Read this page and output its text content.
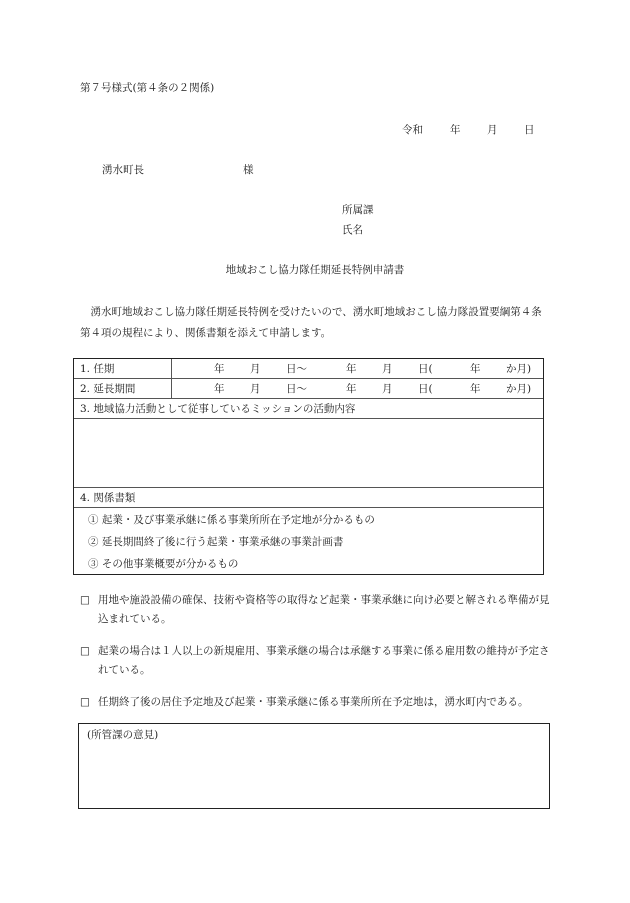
第７号様式(第４条の２関係)
令和	年	月	日
湧水町長	様
所属課
氏名
地域おこし協力隊任期延長特例申請書
湧水町地域おこし協力隊任期延長特例を受けたいので、湧水町地域おこし協力隊設置要綱第４条第４項の規程により、関係書類を添えて申請します。
1. 任期	年	月	日～	年	月	日(	年	か月)
2. 延長期間	年	月	日～	年	月	日(	年	か月)
3. 地域協力活動として従事しているミッションの活動内容
4. 関係書類
① 起業・及び事業承継に係る事業所所在予定地が分かるもの
② 延長期間終了後に行う起業・事業承継の事業計画書
③ その他事業概要が分かるもの
□ 用地や施設設備の確保、技術や資格等の取得など起業・事業承継に向け必要と解される準備が見込まれている。
□ 起業の場合は１人以上の新規雇用、事業承継の場合は承継する事業に係る雇用数の維持が予定されている。
□ 任期終了後の居住予定地及び起業・事業承継に係る事業所所在予定地は，湧水町内である。
(所管課の意見)
